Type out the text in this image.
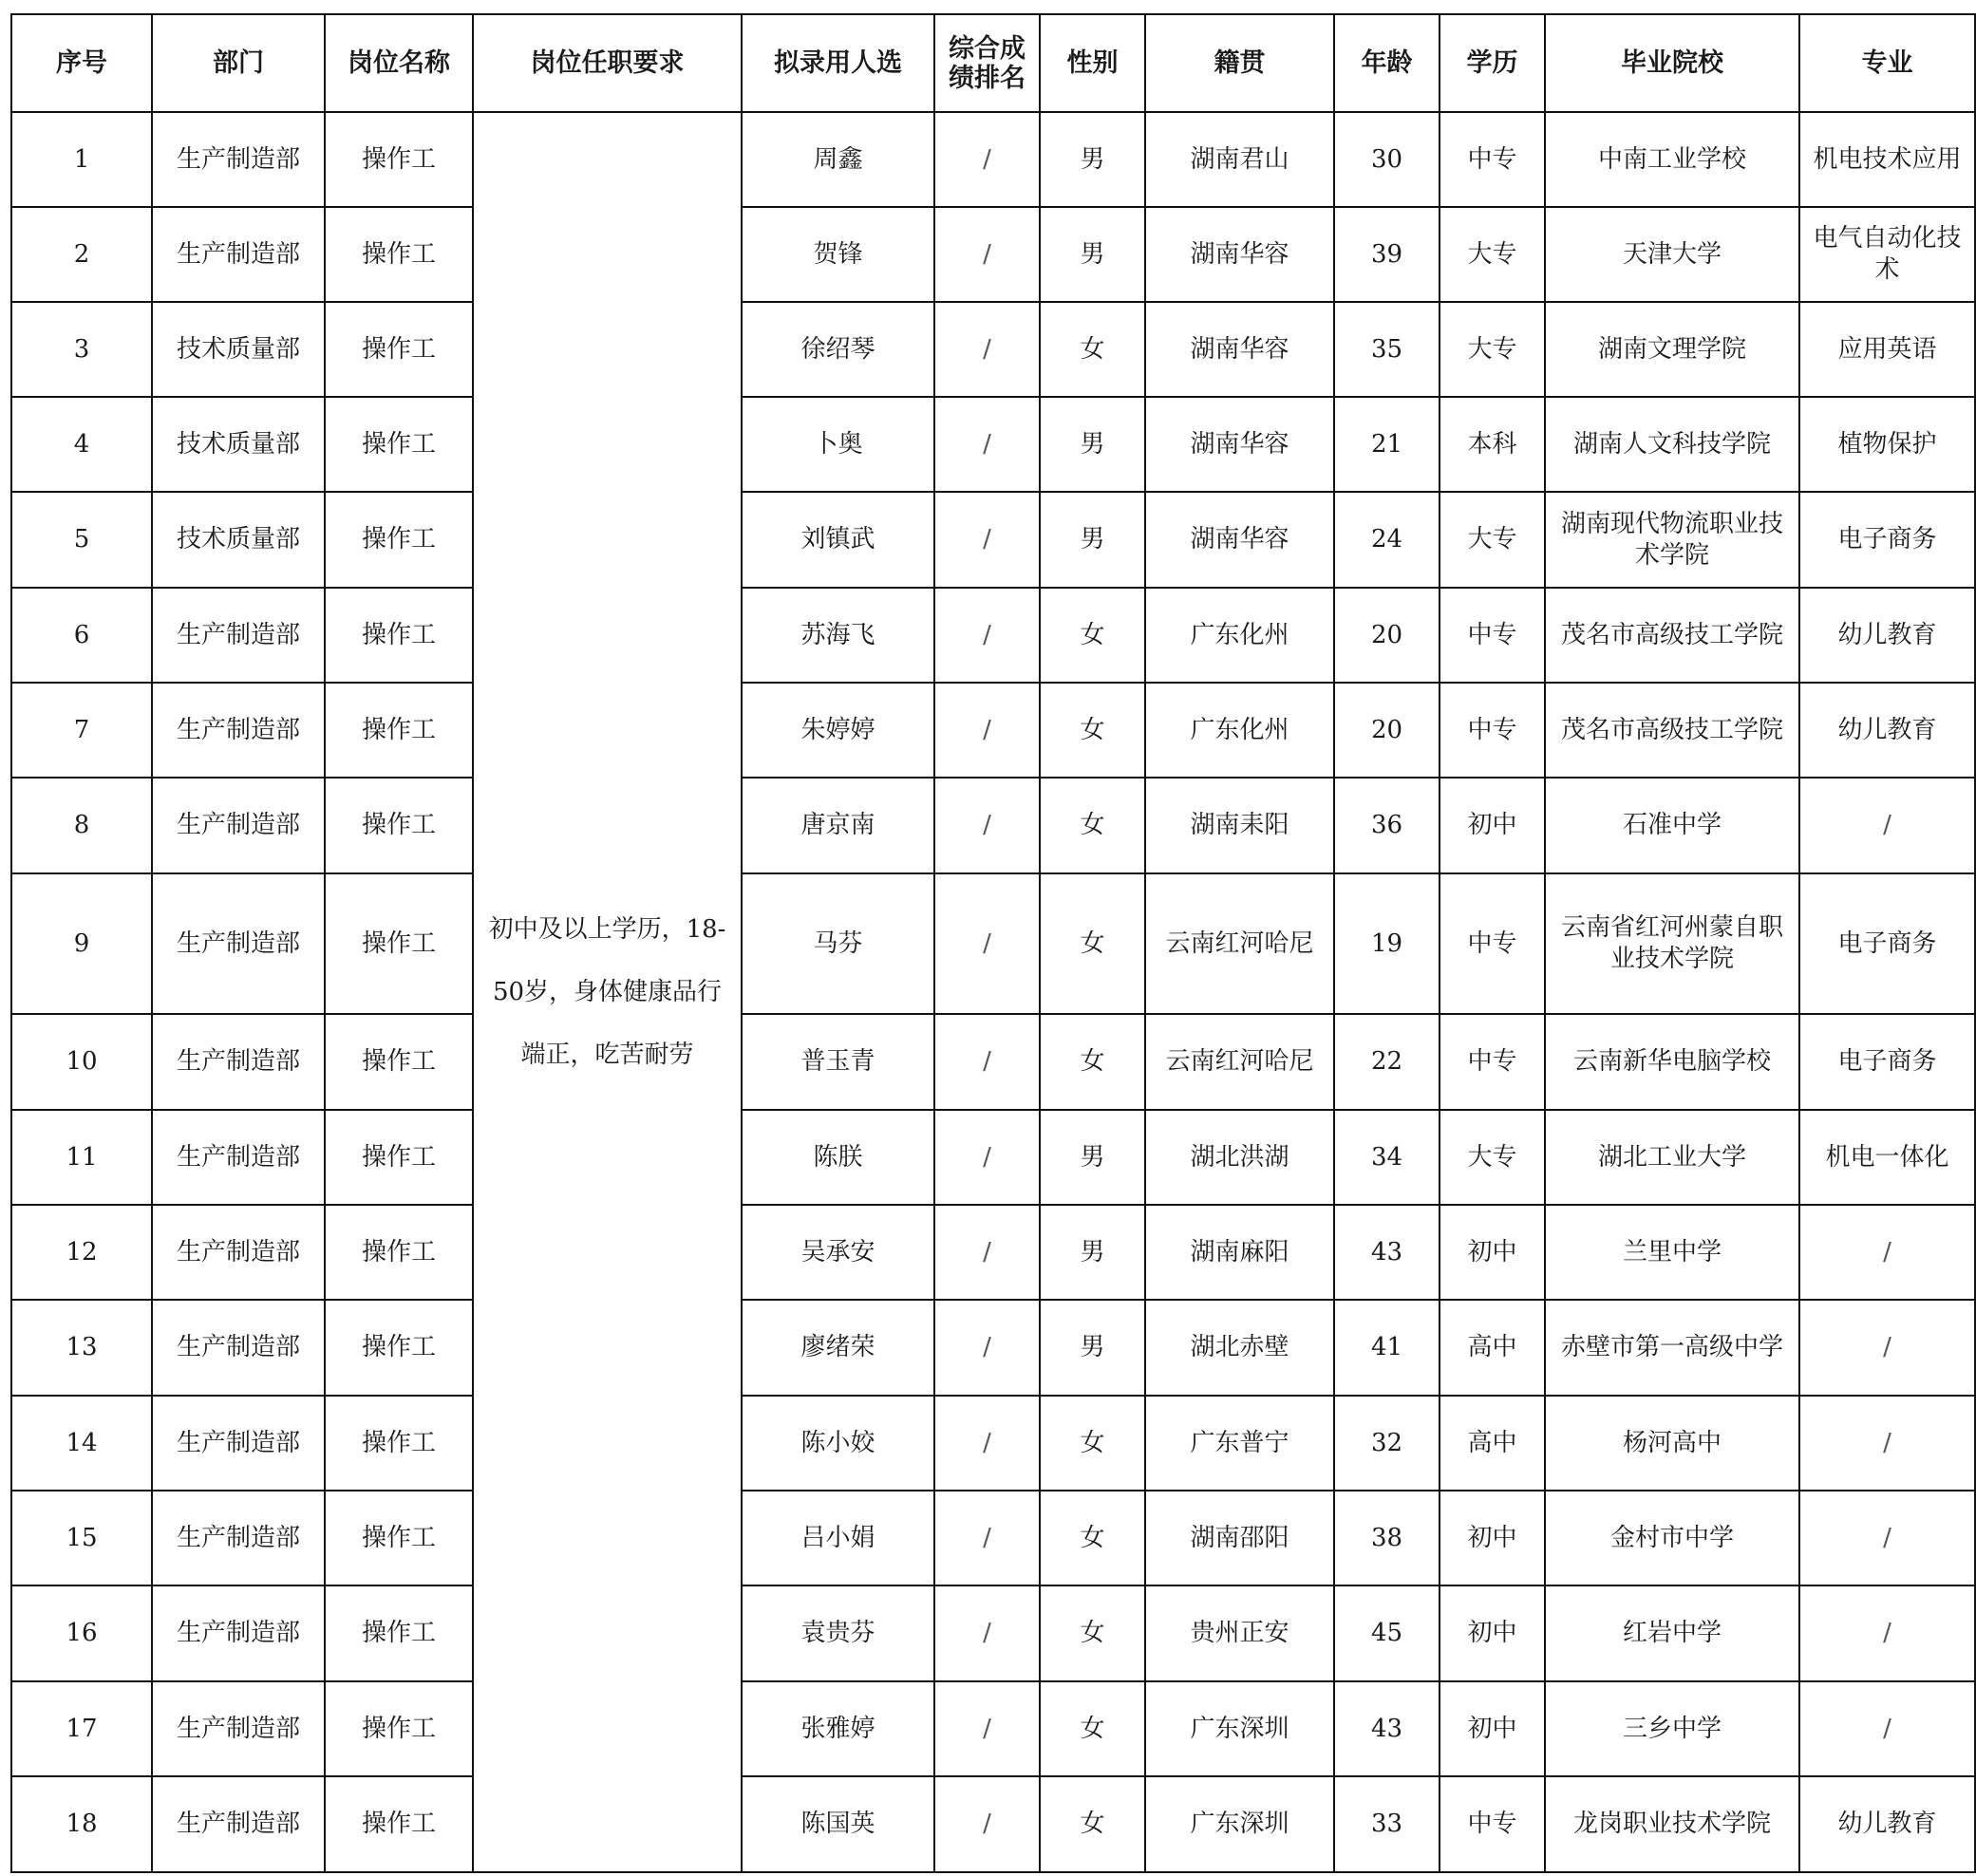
序号	部门	岗位名称	岗位任职要求	拟录用人选	综合成绩排名	性别	籍贯	年龄	学历	毕业院校	专业
1	生产制造部	操作工	初中及以上学历，18-50岁，身体健康品行端正，吃苦耐劳	周鑫	/	男	湖南君山	30	中专	中南工业学校	机电技术应用
2	生产制造部	操作工		贺锋	/	男	湖南华容	39	大专	天津大学	电气自动化技术
3	技术质量部	操作工		徐绍琴	/	女	湖南华容	35	大专	湖南文理学院	应用英语
4	技术质量部	操作工		卜奥	/	男	湖南华容	21	本科	湖南人文科技学院	植物保护
5	技术质量部	操作工		刘镇武	/	男	湖南华容	24	大专	湖南现代物流职业技术学院	电子商务
6	生产制造部	操作工		苏海飞	/	女	广东化州	20	中专	茂名市高级技工学院	幼儿教育
7	生产制造部	操作工		朱婷婷	/	女	广东化州	20	中专	茂名市高级技工学院	幼儿教育
8	生产制造部	操作工		唐京南	/	女	湖南耒阳	36	初中	石准中学	/
9	生产制造部	操作工		马芬	/	女	云南红河哈尼	19	中专	云南省红河州蒙自职业技术学院	电子商务
10	生产制造部	操作工		普玉青	/	女	云南红河哈尼	22	中专	云南新华电脑学校	电子商务
11	生产制造部	操作工		陈朕	/	男	湖北洪湖	34	大专	湖北工业大学	机电一体化
12	生产制造部	操作工		吴承安	/	男	湖南麻阳	43	初中	兰里中学	/
13	生产制造部	操作工		廖绪荣	/	男	湖北赤壁	41	高中	赤壁市第一高级中学	/
14	生产制造部	操作工		陈小姣	/	女	广东普宁	32	高中	杨河高中	/
15	生产制造部	操作工		吕小娟	/	女	湖南邵阳	38	初中	金村市中学	/
16	生产制造部	操作工		袁贵芬	/	女	贵州正安	45	初中	红岩中学	/
17	生产制造部	操作工		张雅婷	/	女	广东深圳	43	初中	三乡中学	/
18	生产制造部	操作工		陈国英	/	女	广东深圳	33	中专	龙岗职业技术学院	幼儿教育
